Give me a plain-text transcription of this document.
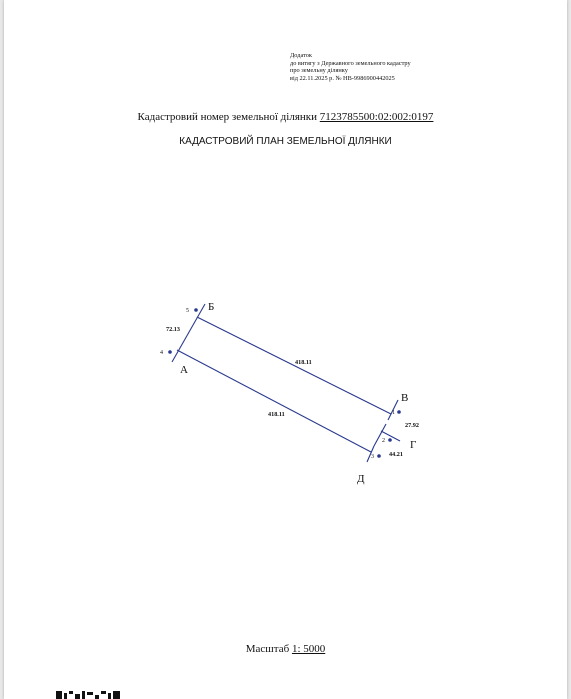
Додаток
до витягу з Державного земельного кадастру
про земельну ділянку
від 22.11.2025 р. № НВ-9986900442025
Кадастровий номер земельної ділянки 7123785500:02:002:0197
КАДАСТРОВИЙ ПЛАН ЗЕМЕЛЬНОЇ ДІЛЯНКИ
Масштаб 1: 5000
Б
А
В
Г
Д
5
4
1
2
3
72.13
418.11
418.11
27.92
44.21
